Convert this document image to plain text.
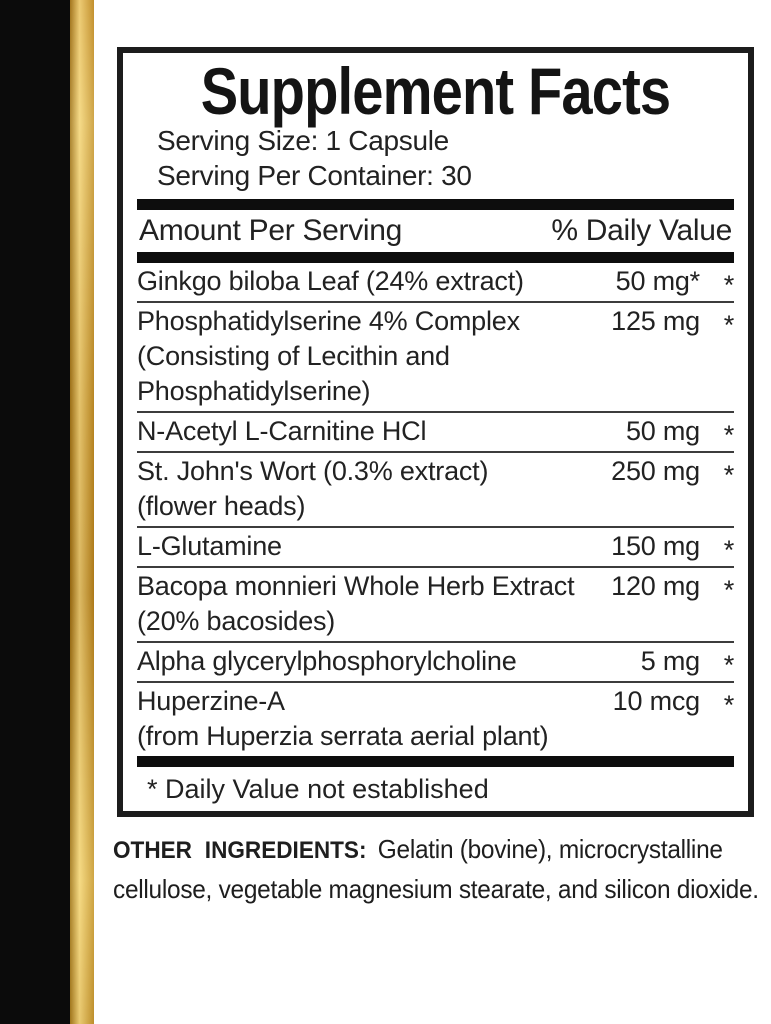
Supplement Facts
Serving Size: 1 Capsule
Serving Per Container: 30
Amount Per Serving	% Daily Value
Ginkgo biloba Leaf (24% extract)	50 mg* *
Phosphatidylserine 4% Complex	125 mg *
(Consisting of Lecithin and
Phosphatidylserine)
N-Acetyl L-Carnitine HCl	50 mg *
St. John's Wort (0.3% extract)	250 mg *
(flower heads)
L-Glutamine	150 mg *
Bacopa monnieri Whole Herb Extract	120 mg *
(20% bacosides)
Alpha glycerylphosphorylcholine	5 mg *
Huperzine-A	10 mcg *
(from Huperzia serrata aerial plant)
* Daily Value not established
OTHER INGREDIENTS: Gelatin (bovine), microcrystalline
cellulose, vegetable magnesium stearate, and silicon dioxide.
